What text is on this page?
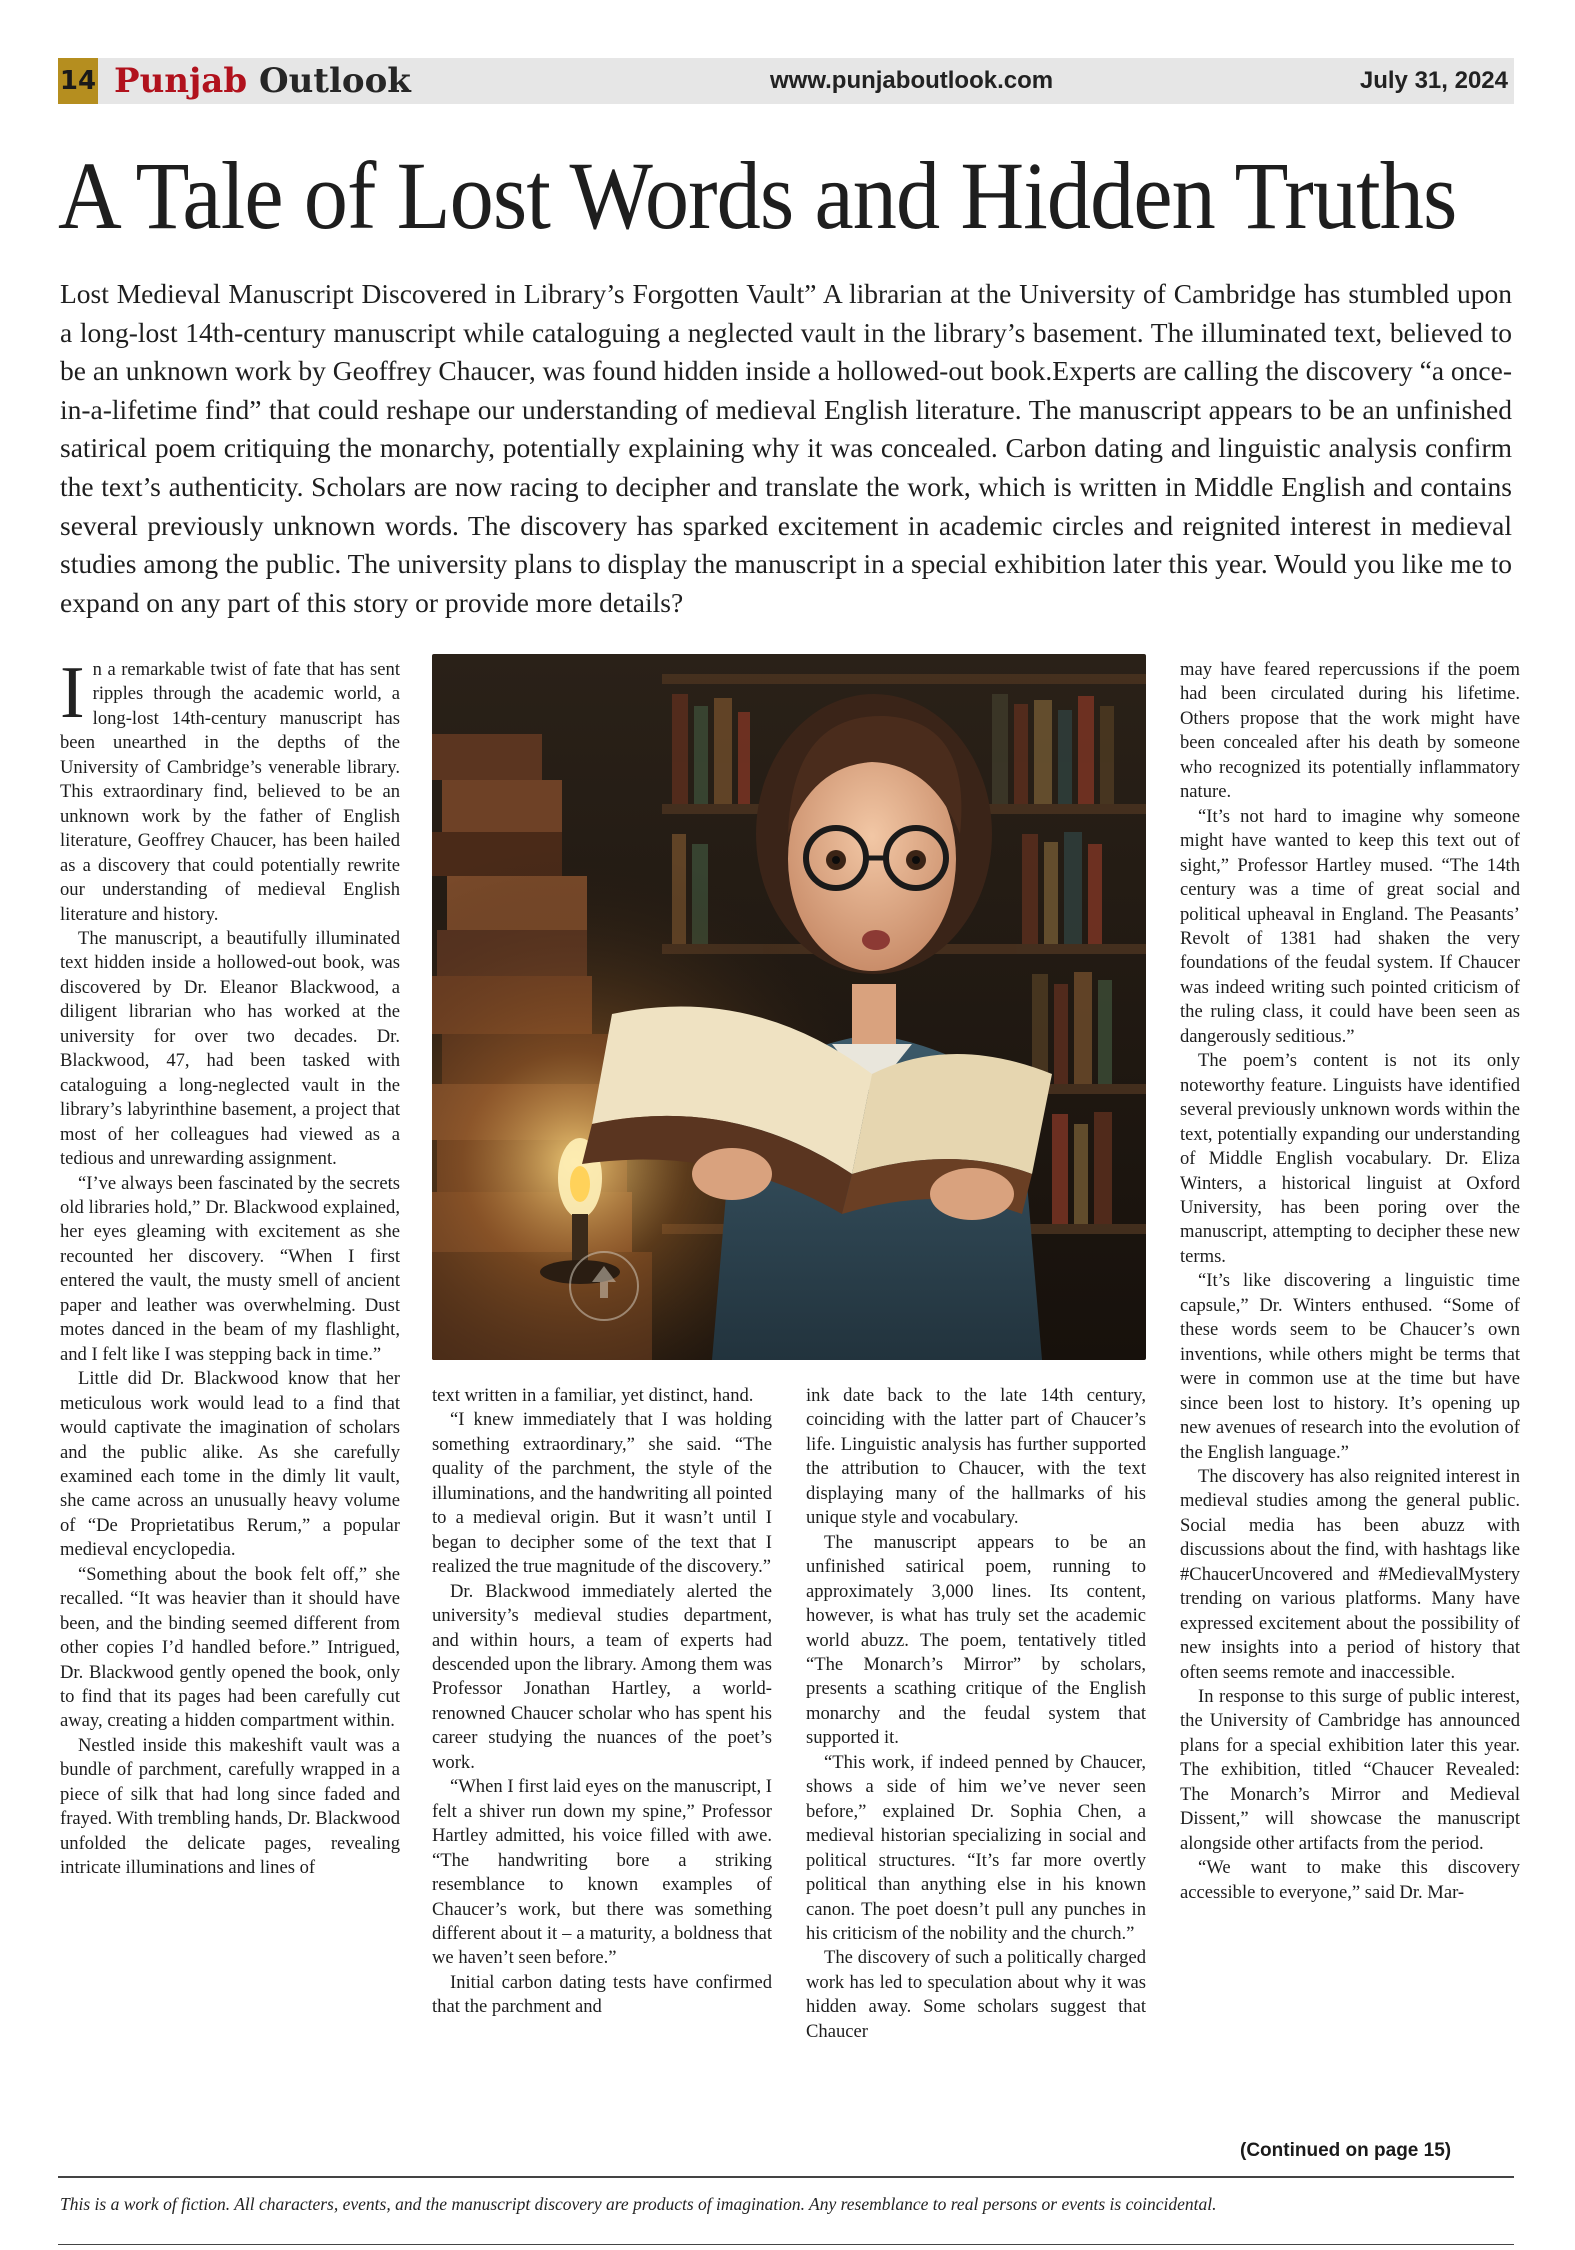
14 Punjab Outlook	www.punjaboutlook.com	July 31, 2024
A Tale of Lost Words and Hidden Truths
Lost Medieval Manuscript Discovered in Library’s Forgotten Vault” A librarian at the University of Cambridge has stumbled upon a long-lost 14th-century manuscript while cataloguing a neglected vault in the library’s basement. The illuminated text, believed to be an unknown work by Geoffrey Chaucer, was found hidden inside a hollowed-out book.Experts are calling the discovery “a once-in-a-lifetime find” that could reshape our understanding of medieval English literature. The manuscript appears to be an unfinished satirical poem critiquing the monarchy, potentially explaining why it was concealed. Carbon dating and linguistic analysis confirm the text’s authenticity. Scholars are now racing to decipher and translate the work, which is written in Middle English and contains several previously unknown words. The discovery has sparked excitement in academic circles and reignited interest in medieval studies among the public. The university plans to display the manuscript in a special exhibition later this year. Would you like me to expand on any part of this story or provide more details?

In a remarkable twist of fate that has sent ripples through the academic world, a long-lost 14th-century manuscript has been unearthed in the depths of the University of Cambridge’s venerable library. This extraordinary find, believed to be an unknown work by the father of English literature, Geoffrey Chaucer, has been hailed as a discovery that could potentially rewrite our understanding of medieval English literature and history.

The manuscript, a beautifully illuminated text hidden inside a hollowed-out book, was discovered by Dr. Eleanor Blackwood, a diligent librarian who has worked at the university for over two decades. Dr. Blackwood, 47, had been tasked with cataloguing a long-neglected vault in the library’s labyrinthine basement, a project that most of her colleagues had viewed as a tedious and unrewarding assignment.

“I’ve always been fascinated by the secrets old libraries hold,” Dr. Blackwood explained, her eyes gleaming with excitement as she recounted her discovery. “When I first entered the vault, the musty smell of ancient paper and leather was overwhelming. Dust motes danced in the beam of my flashlight, and I felt like I was stepping back in time.”

Little did Dr. Blackwood know that her meticulous work would lead to a find that would captivate the imagination of scholars and the public alike. As she carefully examined each tome in the dimly lit vault, she came across an unusually heavy volume of “De Proprietatibus Rerum,” a popular medieval encyclopedia.

“Something about the book felt off,” she recalled. “It was heavier than it should have been, and the binding seemed different from other copies I’d handled before.” Intrigued, Dr. Blackwood gently opened the book, only to find that its pages had been carefully cut away, creating a hidden compartment within.

Nestled inside this makeshift vault was a bundle of parchment, carefully wrapped in a piece of silk that had long since faded and frayed. With trembling hands, Dr. Blackwood unfolded the delicate pages, revealing intricate illuminations and lines of

text written in a familiar, yet distinct, hand.

“I knew immediately that I was holding something extraordinary,” she said. “The quality of the parchment, the style of the illuminations, and the handwriting all pointed to a medieval origin. But it wasn’t until I began to decipher some of the text that I realized the true magnitude of the discovery.”

Dr. Blackwood immediately alerted the university’s medieval studies department, and within hours, a team of experts had descended upon the library. Among them was Professor Jonathan Hartley, a world-renowned Chaucer scholar who has spent his career studying the nuances of the poet’s work.

“When I first laid eyes on the manuscript, I felt a shiver run down my spine,” Professor Hartley admitted, his voice filled with awe. “The handwriting bore a striking resemblance to known examples of Chaucer’s work, but there was something different about it – a maturity, a boldness that we haven’t seen before.”

Initial carbon dating tests have confirmed that the parchment and

ink date back to the late 14th century, coinciding with the latter part of Chaucer’s life. Linguistic analysis has further supported the attribution to Chaucer, with the text displaying many of the hallmarks of his unique style and vocabulary.

The manuscript appears to be an unfinished satirical poem, running to approximately 3,000 lines. Its content, however, is what has truly set the academic world abuzz. The poem, tentatively titled “The Monarch’s Mirror” by scholars, presents a scathing critique of the English monarchy and the feudal system that supported it.

“This work, if indeed penned by Chaucer, shows a side of him we’ve never seen before,” explained Dr. Sophia Chen, a medieval historian specializing in social and political structures. “It’s far more overtly political than anything else in his known canon. The poet doesn’t pull any punches in his criticism of the nobility and the church.”

The discovery of such a politically charged work has led to speculation about why it was hidden away. Some scholars suggest that Chaucer

may have feared repercussions if the poem had been circulated during his lifetime. Others propose that the work might have been concealed after his death by someone who recognized its potentially inflammatory nature.

“It’s not hard to imagine why someone might have wanted to keep this text out of sight,” Professor Hartley mused. “The 14th century was a time of great social and political upheaval in England. The Peasants’ Revolt of 1381 had shaken the very foundations of the feudal system. If Chaucer was indeed writing such pointed criticism of the ruling class, it could have been seen as dangerously seditious.”

The poem’s content is not its only noteworthy feature. Linguists have identified several previously unknown words within the text, potentially expanding our understanding of Middle English vocabulary. Dr. Eliza Winters, a historical linguist at Oxford University, has been poring over the manuscript, attempting to decipher these new terms.

“It’s like discovering a linguistic time capsule,” Dr. Winters enthused. “Some of these words seem to be Chaucer’s own inventions, while others might be terms that were in common use at the time but have since been lost to history. It’s opening up new avenues of research into the evolution of the English language.”

The discovery has also reignited interest in medieval studies among the general public. Social media has been abuzz with discussions about the find, with hashtags like #ChaucerUncovered and #MedievalMystery trending on various platforms. Many have expressed excitement about the possibility of new insights into a period of history that often seems remote and inaccessible.

In response to this surge of public interest, the University of Cambridge has announced plans for a special exhibition later this year. The exhibition, titled “Chaucer Revealed: The Monarch’s Mirror and Medieval Dissent,” will showcase the manuscript alongside other artifacts from the period.

“We want to make this discovery accessible to everyone,” said Dr. Mar-

(Continued on page 15)
This is a work of fiction. All characters, events, and the manuscript discovery are products of imagination. Any resemblance to real persons or events is coincidental.
